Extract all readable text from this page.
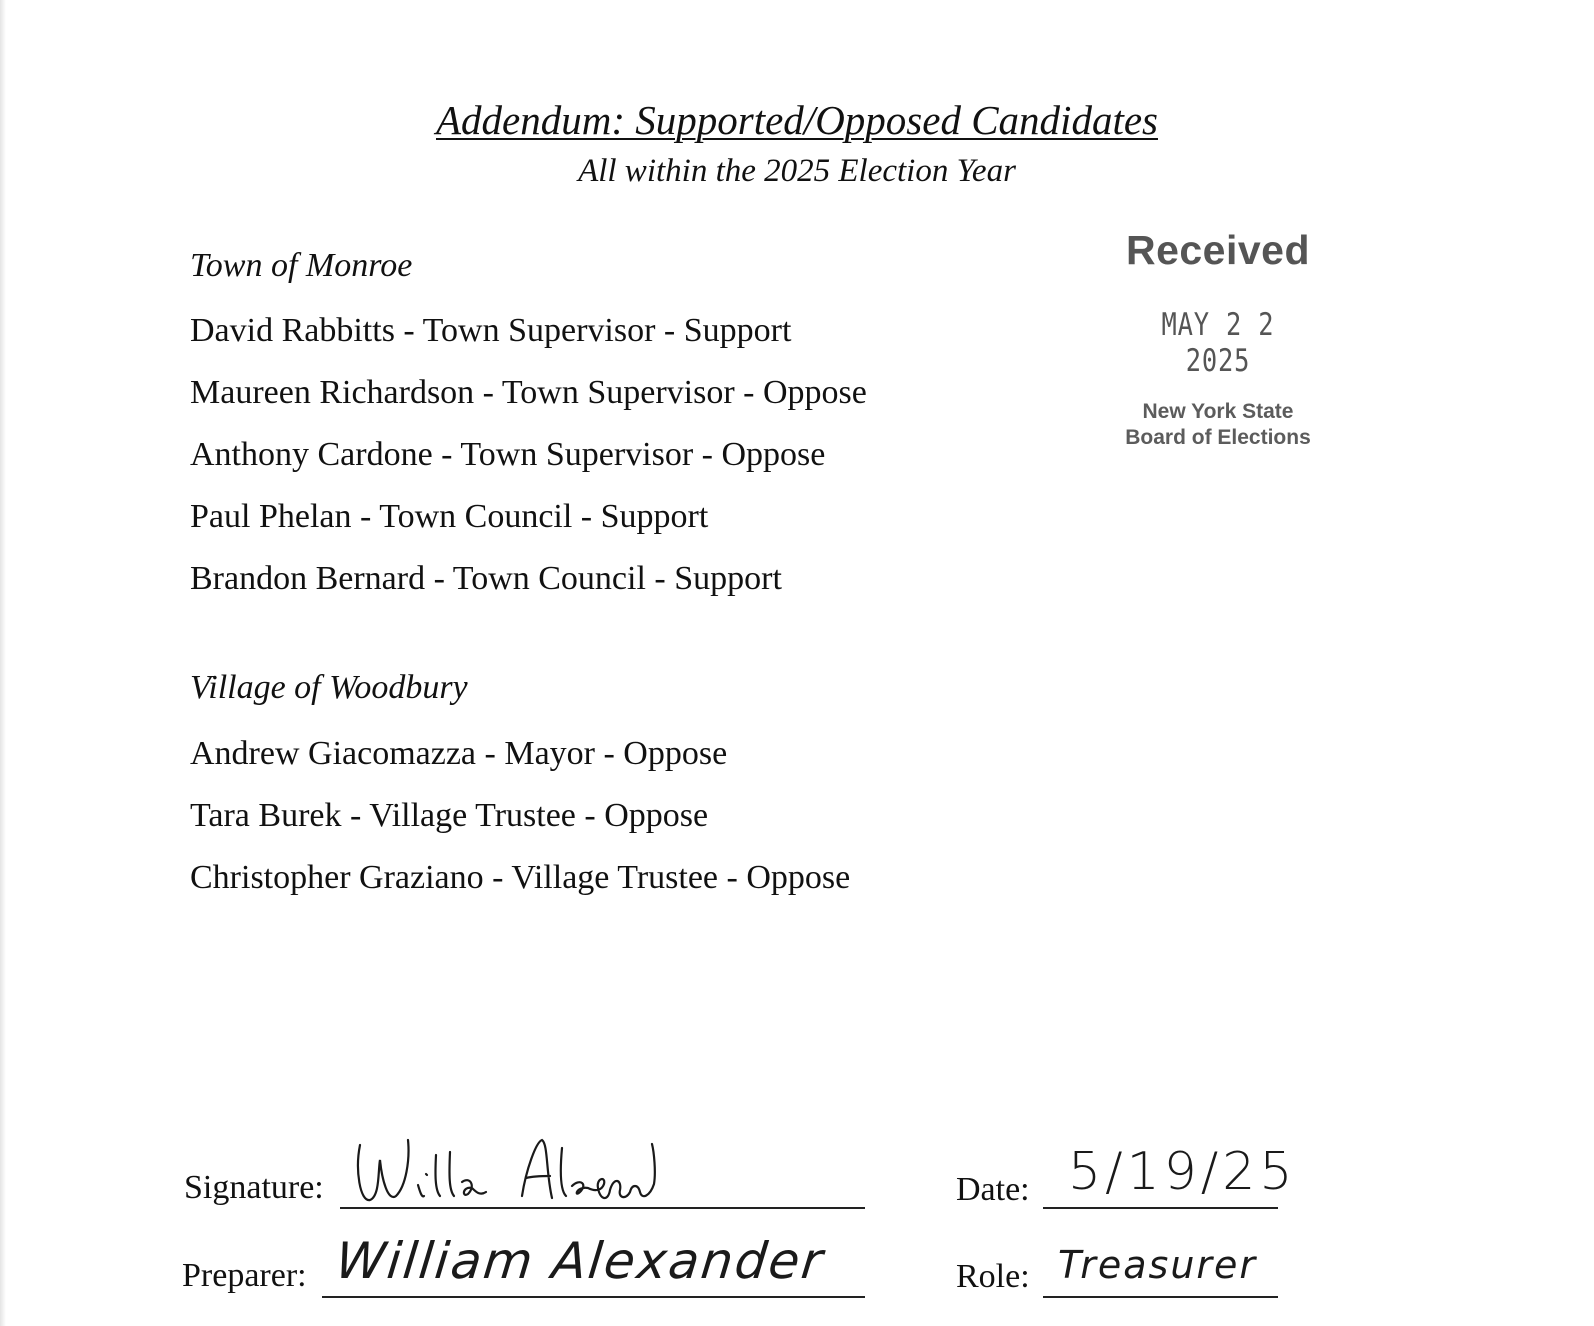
Addendum: Supported/Opposed Candidates
All within the 2025 Election Year
Town of Monroe
David Rabbitts - Town Supervisor - Support
Maureen Richardson - Town Supervisor - Oppose
Anthony Cardone - Town Supervisor - Oppose
Paul Phelan - Town Council - Support
Brandon Bernard - Town Council - Support
Village of Woodbury
Andrew Giacomazza - Mayor - Oppose
Tara Burek - Village Trustee - Oppose
Christopher Graziano - Village Trustee - Oppose
Received
MAY 2 2 2025
New York State
Board of Elections
Signature:
Preparer: William Alexander
Date: 5/19/25
Role: Treasurer
